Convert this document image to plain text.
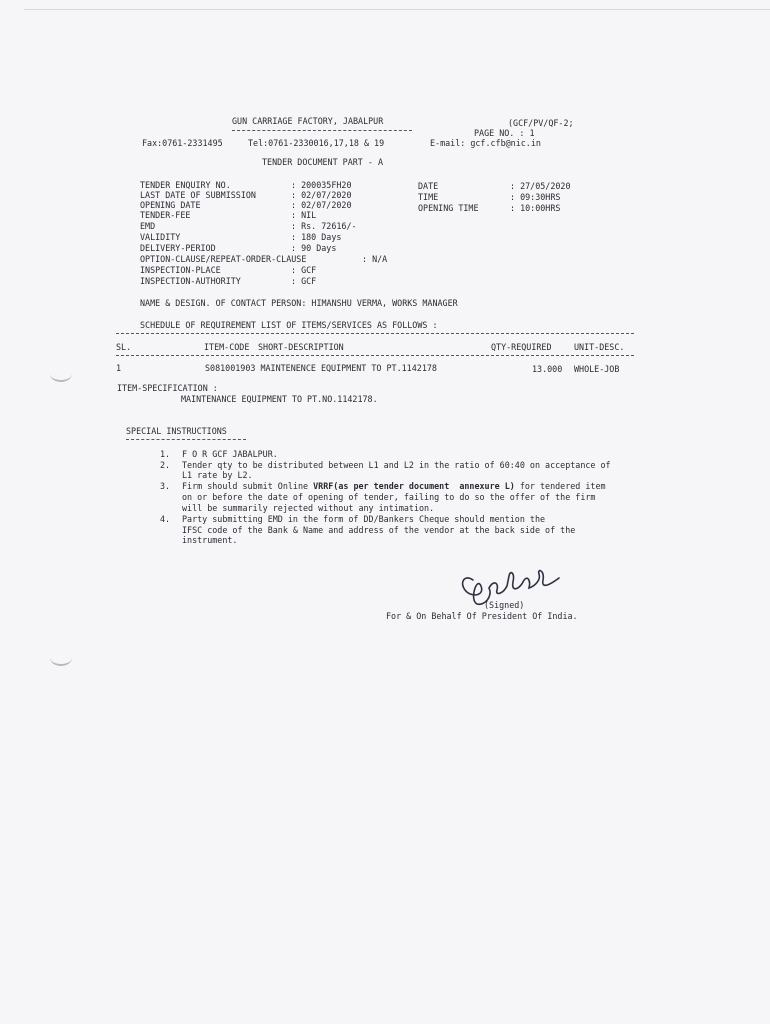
GUN CARRIAGE FACTORY, JABALPUR	(GCF/PV/QF-2;
PAGE NO. : 1
Fax:0761-2331495	Tel:0761-2330016,17,18 & 19	E-mail: gcf.cfb@nic.in
TENDER DOCUMENT PART - A
TENDER ENQUIRY NO.	: 200035FH20
LAST DATE OF SUBMISSION	: 02/07/2020
OPENING DATE	: 02/07/2020
TENDER-FEE	: NIL
EMD	: Rs. 72616/-
VALIDITY	: 180 Days
DELIVERY-PERIOD	: 90 Days
OPTION-CLAUSE/REPEAT-ORDER-CLAUSE	: N/A
INSPECTION-PLACE	: GCF
INSPECTION-AUTHORITY	: GCF
DATE	: 27/05/2020
TIME	: 09:30HRS
OPENING TIME	: 10:00HRS
NAME & DESIGN. OF CONTACT PERSON: HIMANSHU VERMA, WORKS MANAGER
SCHEDULE OF REQUIREMENT LIST OF ITEMS/SERVICES AS FOLLOWS :
SL.	ITEM-CODE SHORT-DESCRIPTION	QTY-REQUIRED	UNIT-DESC.
1	S081001903 MAINTENENCE EQUIPMENT TO PT.1142178	13.000 WHOLE-JOB
ITEM-SPECIFICATION :
MAINTENANCE EQUIPMENT TO PT.NO.1142178.
SPECIAL INSTRUCTIONS
1. F O R GCF JABALPUR.
2. Tender qty to be distributed between L1 and L2 in the ratio of 60:40 on acceptance of
L1 rate by L2.
3. Firm should submit Online VRRF(as per tender document  annexure L) for tendered item
on or before the date of opening of tender, failing to do so the offer of the firm
will be summarily rejected without any intimation.
4. Party submitting EMD in the form of DD/Bankers Cheque should mention the
IFSC code of the Bank & Name and address of the vendor at the back side of the
instrument.
(Signed)
For & On Behalf Of President Of India.
